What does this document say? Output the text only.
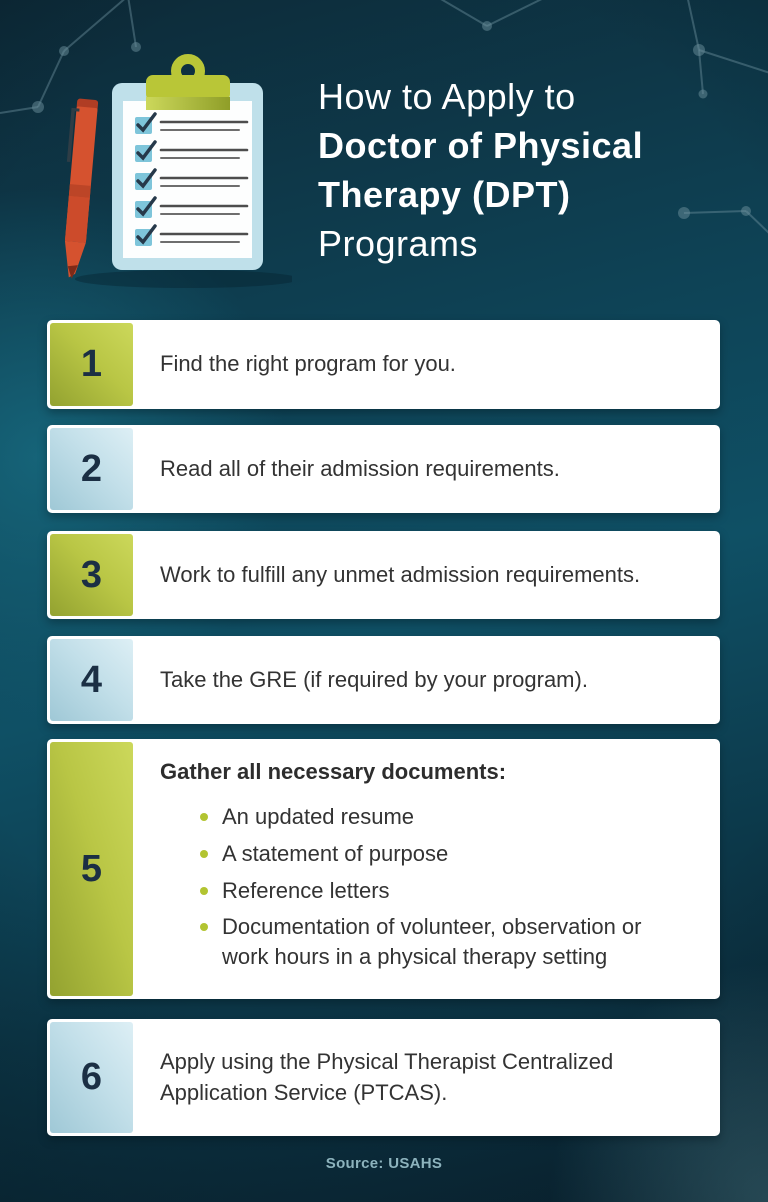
How to Apply to
Doctor of Physical
Therapy (DPT)
Programs
1	Find the right program for you.
2	Read all of their admission requirements.
3	Work to fulfill any unmet admission requirements.
4	Take the GRE (if required by your program).
5
Gather all necessary documents:
An updated resume
A statement of purpose
Reference letters
Documentation of volunteer, observation or work hours in a physical therapy setting
6	Apply using the Physical Therapist Centralized Application Service (PTCAS).
Source: USAHS
